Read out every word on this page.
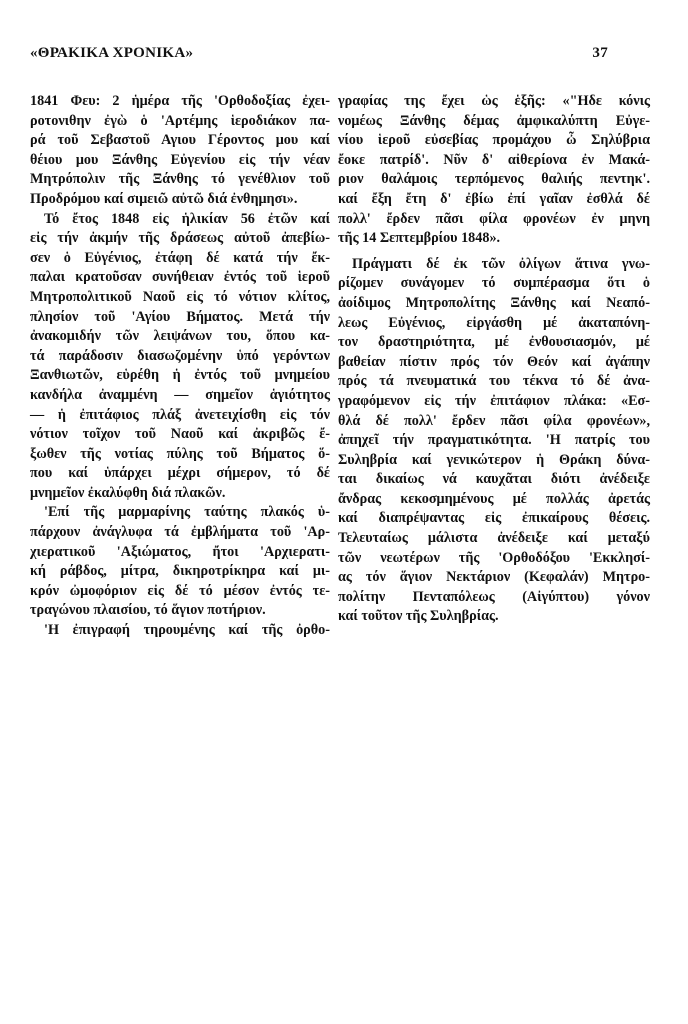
«ΘΡΑΚΙΚΑ ΧΡΟΝΙΚΑ»	37
1841 Φευ: 2 ἡμέρα τῆς 'Ορθοδοξίας ἐχει-
ροτονιθην ἐγὼ ὁ 'Αρτέμης ἱεροδιάκον πα-
ρά τοῦ Σεβαστοῦ Αγιου Γέροντος μου καί
θέιου μου Ξάνθης Εὐγενίου εἰς τήν νέαν
Μητρόπολιν τῆς Ξάνθης τό γενέθλιον τοῦ
Προδρόμου καί σιμειῶ αὐτῶ διά ἐνθημησι».
Τό ἔτος 1848 εἰς ἡλικίαν 56 ἐτῶν καί
εἰς τήν ἀκμήν τῆς δράσεως αὐτοῦ ἀπεβίω-
σεν ὁ Εὐγένιος, ἐτάφη δέ κατά τήν ἔκ-
παλαι κρατοῦσαν συνήθειαν ἐντός τοῦ ἱεροῦ
Μητροπολιτικοῦ Ναοῦ εἰς τό νότιον κλίτος,
πλησίον τοῦ 'Αγίου Βήματος. Μετά τήν
ἀνακομιδήν τῶν λειψάνων του, ὅπου κα-
τά παράδοσιν διασωζομένην ὑπό γερόντων
Ξανθιωτῶν, εὑρέθη ἡ ἐντός τοῦ μνημείου
κανδήλα ἀναμμένη — σημεῖον ἁγιότητος
— ἡ ἐπιτάφιος πλάξ ἀνετειχίσθη εἰς τόν
νότιον τοῖχον τοῦ Ναοῦ καί ἀκριβῶς ἔ-
ξωθεν τῆς νοτίας πύλης τοῦ Βήματος ὅ-
που καί ὑπάρχει μέχρι σήμερον, τό δέ
μνημεῖον ἐκαλύφθη διά πλακῶν.
'Επί τῆς μαρμαρίνης ταύτης πλακός ὑ-
πάρχουν ἀνάγλυφα τά ἐμβλήματα τοῦ 'Αρ-
χιερατικοῦ 'Αξιώματος, ἤτοι 'Αρχιερατι-
κή ράβδος, μίτρα, δικηροτρίκηρα καί μι-
κρόν ὠμοφόριον εἰς δέ τό μέσον ἐντός τε-
τραγώνου πλαισίου, τό ἅγιον ποτήριον.
'Η ἐπιγραφή τηρουμένης καί τῆς ὀρθο-
γραφίας της ἔχει ὡς ἑξῆς: «"Ηδε κόνις
νομέως Ξάνθης δέμας ἀμφικαλύπτη Εὐγε-
νίου ἱεροῦ εὐσεβίας προμάχου ὦ Σηλύβρια
ἔοκε πατρίδ'. Νῦν δ' αἰθερίονα ἐν Μακά-
ριον θαλάμοις τερπόμενος θαλιής πεντηκ'.
καί ἔξη ἔτη δ' ἐβίω ἐπί γαῖαν ἐσθλά δέ
πολλ' ἔρδεν πᾶσι φίλα φρονέων ἐν μηνη
τῆς 14 Σεπτεμβρίου 1848».
Πράγματι δέ ἐκ τῶν ὀλίγων ἅτινα γνω-
ρίζομεν συνάγομεν τό συμπέρασμα ὅτι ὁ
ἀοίδιμος Μητροπολίτης Ξάνθης καί Νεαπό-
λεως Εὐγένιος, εἰργάσθη μέ ἀκαταπόνη-
τον δραστηριότητα, μέ ἐνθουσιασμόν, μέ
βαθείαν πίστιν πρός τόν Θεόν καί ἀγάπην
πρός τά πνευματικά του τέκνα τό δέ ἀνα-
γραφόμενον εἰς τήν ἐπιτάφιον πλάκα: «Εσ-
θλά δέ πολλ' ἔρδεν πᾶσι φίλα φρονέων»,
ἀπηχεῖ τήν πραγματικότητα. 'Η πατρίς του
Συληβρία καί γενικώτερον ἡ Θράκη δύνα-
ται δικαίως νά καυχᾶται διότι ἀνέδειξε
ἄνδρας κεκοσμημένους μέ πολλάς ἀρετάς
καί διαπρέψαντας εἰς ἐπικαίρους θέσεις.
Τελευταίως μάλιστα ἀνέδειξε καί μεταξύ
τῶν νεωτέρων τῆς 'Ορθοδόξου 'Εκκλησί-
ας τόν ἅγιον Νεκτάριον (Κεφαλάν) Μητρο-
πολίτην Πενταπόλεως (Αἰγύπτου) γόνον
καί τοῦτον τῆς Συληβρίας.
